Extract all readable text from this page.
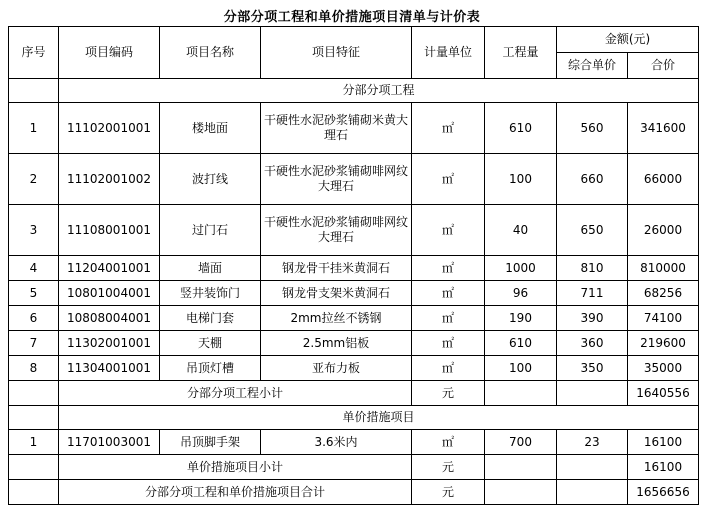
分部分项工程和单价措施项目清单与计价表
序号	项目编码	项目名称	项目特征	计量单位	工程量	金额(元)	
						综合单价	合价
	分部分项工程						
1	11102001001	楼地面	干硬性水泥砂浆铺砌米黄大理石	㎡	610	560	341600
2	11102001002	波打线	干硬性水泥砂浆铺砌啡网纹大理石	㎡	100	660	66000
3	11108001001	过门石	干硬性水泥砂浆铺砌啡网纹大理石	㎡	40	650	26000
4	11204001001	墙面	钢龙骨干挂米黄洞石	㎡	1000	810	810000
5	10801004001	竖井装饰门	钢龙骨支架米黄洞石	㎡	96	711	68256
6	10808004001	电梯门套	2mm拉丝不锈钢	㎡	190	390	74100
7	11302001001	天棚	2.5mm铝板	㎡	610	360	219600
8	11304001001	吊顶灯槽	亚布力板	㎡	100	350	35000
	分部分项工程小计			元			1640556
	单价措施项目						
1	11701003001	吊顶脚手架	3.6米内	㎡	700	23	16100
	单价措施项目小计			元			16100
	分部分项工程和单价措施项目合计			元			1656656
